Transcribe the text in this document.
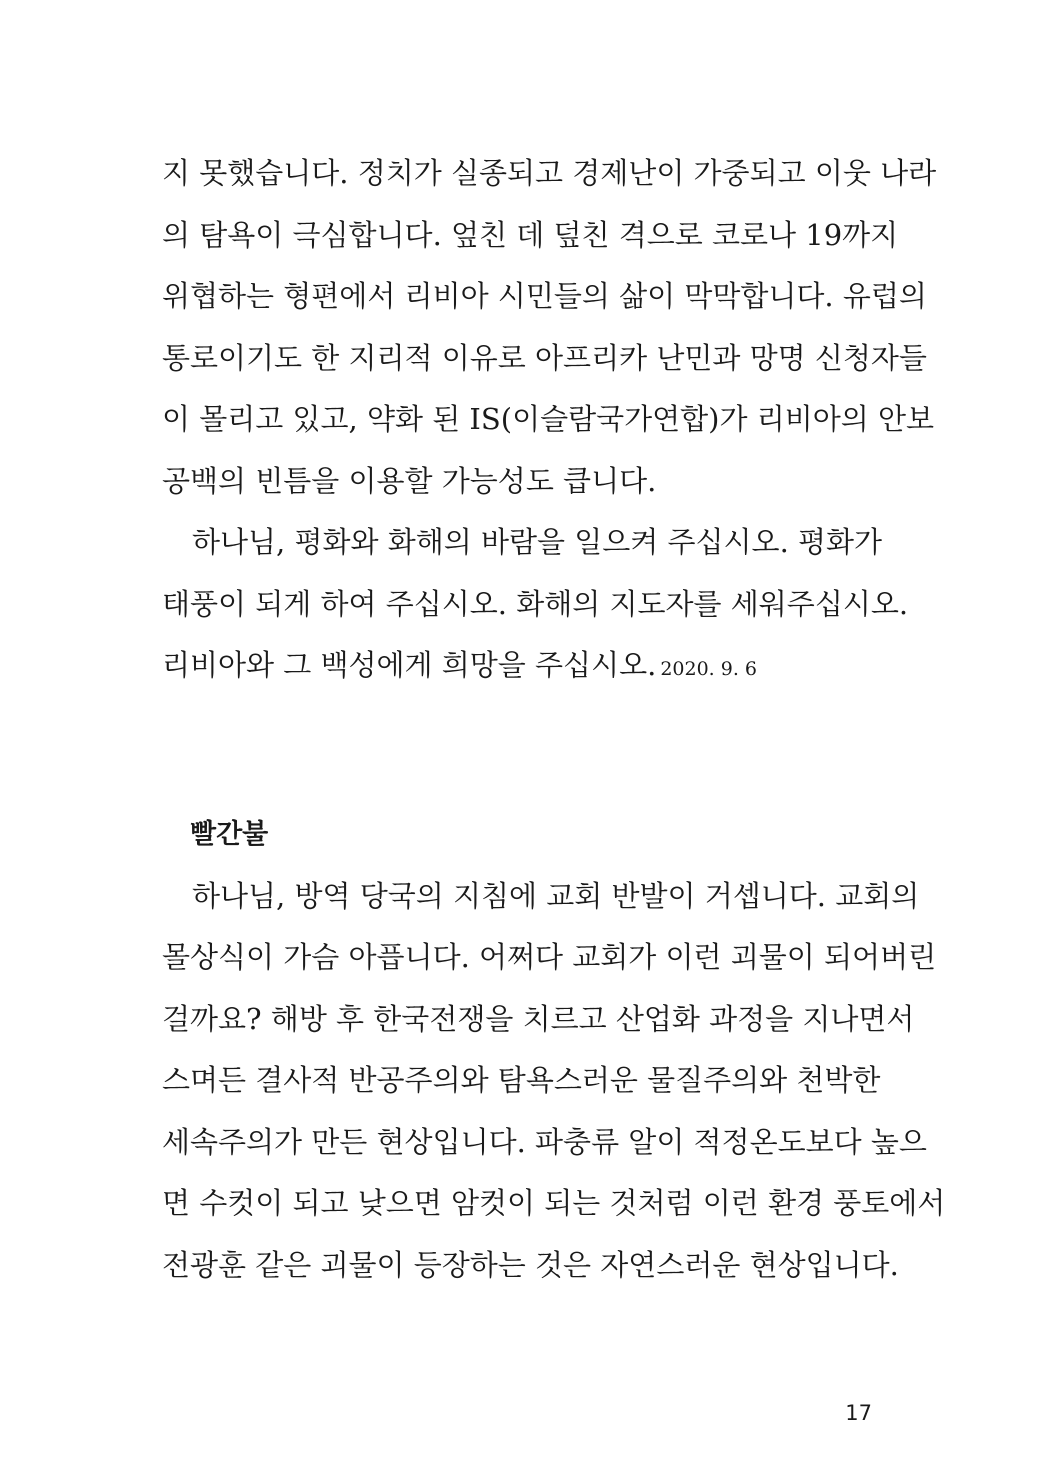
지 못했습니다. 정치가 실종되고 경제난이 가중되고 이웃 나라
의 탐욕이 극심합니다. 엎친 데 덮친 격으로 코로나 19까지
위협하는 형편에서 리비아 시민들의 삶이 막막합니다. 유럽의
통로이기도 한 지리적 이유로 아프리카 난민과 망명 신청자들
이 몰리고 있고, 약화 된 IS(이슬람국가연합)가 리비아의 안보
공백의 빈틈을 이용할 가능성도 큽니다.
하나님, 평화와 화해의 바람을 일으켜 주십시오. 평화가
태풍이 되게 하여 주십시오. 화해의 지도자를 세워주십시오.
리비아와 그 백성에게 희망을 주십시오. 2020. 9. 6
빨간불
하나님, 방역 당국의 지침에 교회 반발이 거셉니다. 교회의
몰상식이 가슴 아픕니다. 어쩌다 교회가 이런 괴물이 되어버린
걸까요? 해방 후 한국전쟁을 치르고 산업화 과정을 지나면서
스며든 결사적 반공주의와 탐욕스러운 물질주의와 천박한
세속주의가 만든 현상입니다. 파충류 알이 적정온도보다 높으
면 수컷이 되고 낮으면 암컷이 되는 것처럼 이런 환경 풍토에서
전광훈 같은 괴물이 등장하는 것은 자연스러운 현상입니다.
17
